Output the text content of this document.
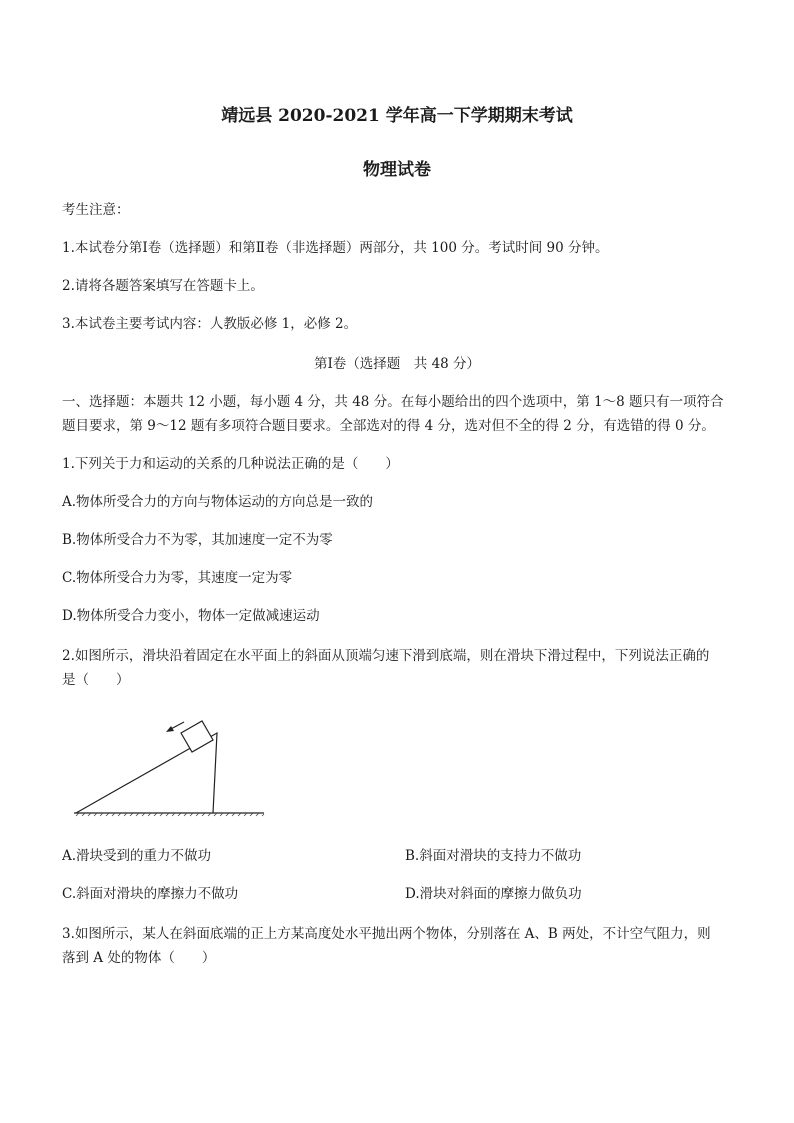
靖远县 2020-2021 学年高一下学期期末考试
物理试卷
考生注意：
1.本试卷分第Ⅰ卷（选择题）和第Ⅱ卷（非选择题）两部分，共 100 分。考试时间 90 分钟。
2.请将各题答案填写在答题卡上。
3.本试卷主要考试内容：人教版必修 1，必修 2。
第Ⅰ卷（选择题　共 48 分）
一、选择题：本题共 12 小题，每小题 4 分，共 48 分。在每小题给出的四个选项中，第 1～8 题只有一项符合
题目要求，第 9～12 题有多项符合题目要求。全部选对的得 4 分，选对但不全的得 2 分，有选错的得 0 分。
1.下列关于力和运动的关系的几种说法正确的是（　　）
A.物体所受合力的方向与物体运动的方向总是一致的
B.物体所受合力不为零，其加速度一定不为零
C.物体所受合力为零，其速度一定为零
D.物体所受合力变小，物体一定做减速运动
2.如图所示，滑块沿着固定在水平面上的斜面从顶端匀速下滑到底端，则在滑块下滑过程中，下列说法正确的
是（　　）
A.滑块受到的重力不做功	B.斜面对滑块的支持力不做功
C.斜面对滑块的摩擦力不做功	D.滑块对斜面的摩擦力做负功
3.如图所示，某人在斜面底端的正上方某高度处水平抛出两个物体，分别落在 A、B 两处，不计空气阻力，则
落到 A 处的物体（　　）
